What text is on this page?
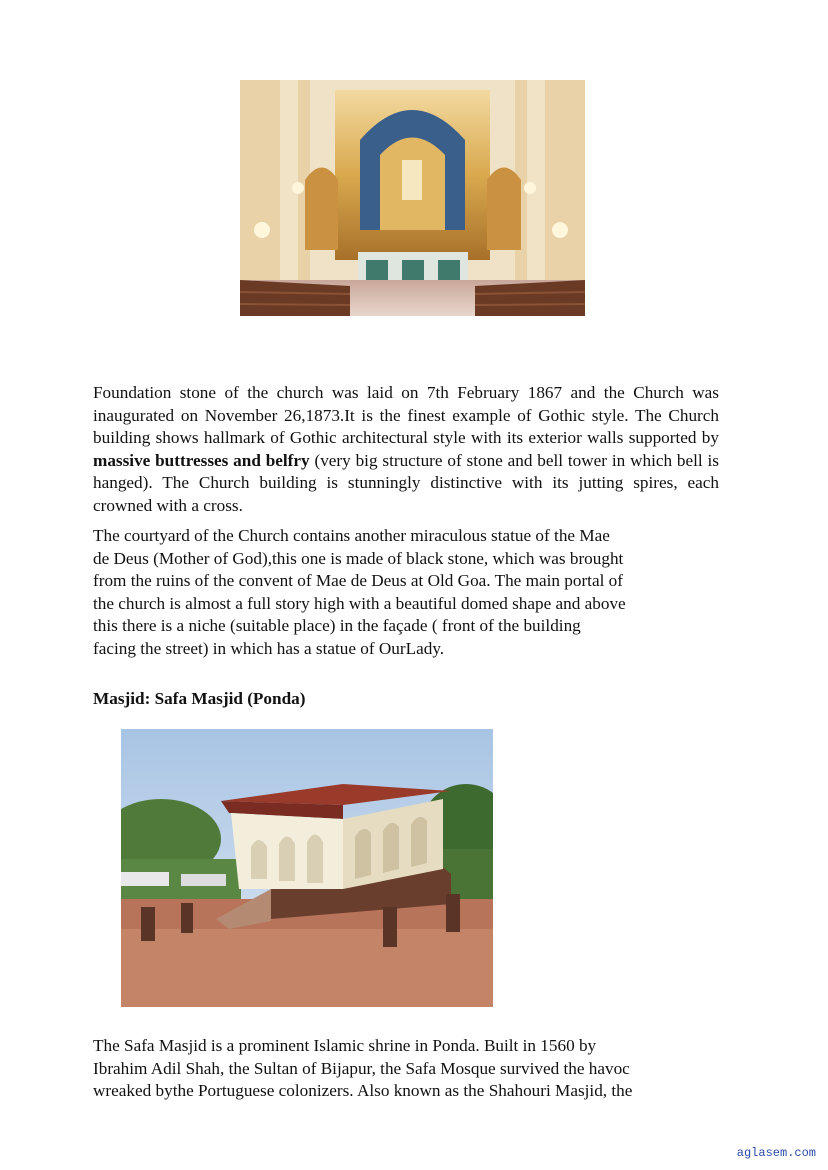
Foundation stone of the church was laid on 7th February 1867 and the Church was inaugurated on November 26,1873.It is the finest example of Gothic style. The Church building shows hallmark of Gothic architectural style with its exterior walls supported by massive buttresses and belfry (very big structure of stone and bell tower in which bell is hanged). The Church building is stunningly distinctive with its jutting spires, each crowned with a cross.

The courtyard of the Church contains another miraculous statue of the Mae
de Deus (Mother of God),this one is made of black stone, which was brought
from the ruins of the convent of Mae de Deus at Old Goa. The main portal of
the church is almost a full story high with a beautiful domed shape and above
this there is a niche (suitable place) in the façade ( front of the building
facing the street) in which has a statue of OurLady.

Masjid: Safa Masjid (Ponda)

The Safa Masjid is a prominent Islamic shrine in Ponda. Built in 1560 by
Ibrahim Adil Shah, the Sultan of Bijapur, the Safa Mosque survived the havoc
wreaked bythe Portuguese colonizers. Also known as the Shahouri Masjid, the

aglasem.com
